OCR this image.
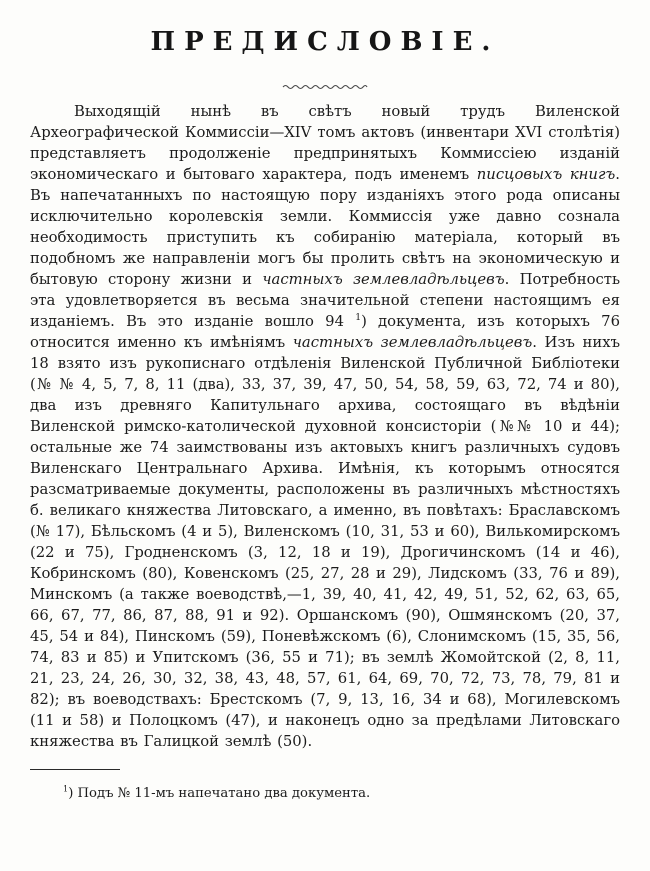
ПРЕДИСЛОВІЕ.

Выходящій нынѣ въ свѣтъ новый трудъ Виленской Археографической Коммиссіи—XIV томъ актовъ (инвентари XVI столѣтія) представляетъ продолженіе предпринятыхъ Коммиссіею изданій экономическаго и бытоваго характера, подъ именемъ писцовыхъ книгъ. Въ напечатанныхъ по настоящую пору изданіяхъ этого рода описаны исключительно королевскія земли. Коммиссія уже давно сознала необходимость приступить къ собиранію матеріала, который въ подобномъ же направленіи могъ бы пролить свѣтъ на экономическую и бытовую сторону жизни и частныхъ землевладѣльцевъ. Потребность эта удовлетворяется въ весьма значительной степени настоящимъ ея изданіемъ. Въ это изданіе вошло 94 $^1$) документа, изъ которыхъ 76 относится именно къ имѣніямъ частныхъ землевладѣльцевъ. Изъ нихъ 18 взято изъ рукописнаго отдѣленія Виленской Публичной Библіотеки (№ № 4, 5, 7, 8, 11 (два), 33, 37, 39, 47, 50, 54, 58, 59, 63, 72, 74 и 80), два изъ древняго Капитульнаго архива, состоящаго въ вѣдѣніи Виленской римско-католической духовной консисторіи (№№ 10 и 44); остальные же 74 заимствованы изъ актовыхъ книгъ различныхъ судовъ Виленскаго Центральнаго Архива. Имѣнія, къ которымъ относятся разсматриваемые документы, расположены въ различныхъ мѣстностяхъ б. великаго княжества Литовскаго, а именно, въ повѣтахъ: Браславскомъ (№ 17), Бѣльскомъ (4 и 5), Виленскомъ (10, 31, 53 и 60), Вилькомирскомъ (22 и 75), Гродненскомъ (3, 12, 18 и 19), Дрогичинскомъ (14 и 46), Кобринскомъ (80), Ковенскомъ (25, 27, 28 и 29), Лидскомъ (33, 76 и 89), Минскомъ (а также воеводствѣ,—1, 39, 40, 41, 42, 49, 51, 52, 62, 63, 65, 66, 67, 77, 86, 87, 88, 91 и 92). Оршанскомъ (90), Ошмянскомъ (20, 37, 45, 54 и 84), Пинскомъ (59), Поневѣжскомъ (6), Слонимскомъ (15, 35, 56, 74, 83 и 85) и Упитскомъ (36, 55 и 71); въ землѣ Жомойтской (2, 8, 11, 21, 23, 24, 26, 30, 32, 38, 43, 48, 57, 61, 64, 69, 70, 72, 73, 78, 79, 81 и 82); въ воеводствахъ: Брестскомъ (7, 9, 13, 16, 34 и 68), Могилевскомъ (11 и 58) и Полоцкомъ (47), и наконецъ одно за предѣлами Литовскаго княжества въ Галицкой землѣ (50).

$^1$) Подъ № 11-мъ напечатано два документа.
